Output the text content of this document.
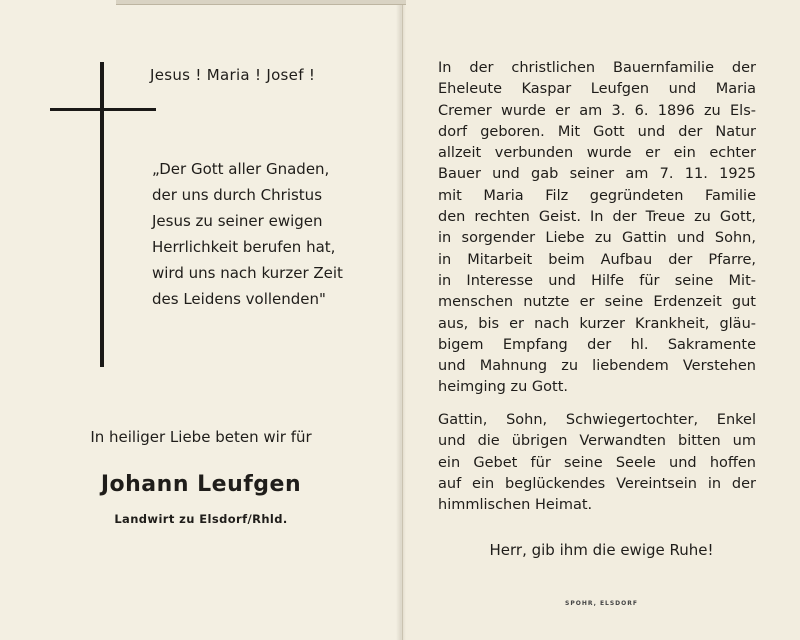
Jesus ! Maria ! Josef !
„Der Gott aller Gnaden,
der uns durch Christus
Jesus zu seiner ewigen
Herrlichkeit berufen hat,
wird uns nach kurzer Zeit
des Leidens vollenden"
In heiliger Liebe beten wir für
Johann Leufgen
Landwirt zu Elsdorf/Rhld.
In der christlichen Bauernfamilie der
Eheleute Kaspar Leufgen und Maria
Cremer wurde er am 3. 6. 1896 zu Els-
dorf geboren. Mit Gott und der Natur
allzeit verbunden wurde er ein echter
Bauer und gab seiner am 7. 11. 1925
mit Maria Filz gegründeten Familie
den rechten Geist. In der Treue zu Gott,
in sorgender Liebe zu Gattin und Sohn,
in Mitarbeit beim Aufbau der Pfarre,
in Interesse und Hilfe für seine Mit-
menschen nutzte er seine Erdenzeit gut
aus, bis er nach kurzer Krankheit, gläu-
bigem Empfang der hl. Sakramente
und Mahnung zu liebendem Verstehen
heimging zu Gott.
Gattin, Sohn, Schwiegertochter, Enkel
und die übrigen Verwandten bitten um
ein Gebet für seine Seele und hoffen
auf ein beglückendes Vereintsein in der
himmlischen Heimat.
Herr, gib ihm die ewige Ruhe!
SPOHR, ELSDORF
